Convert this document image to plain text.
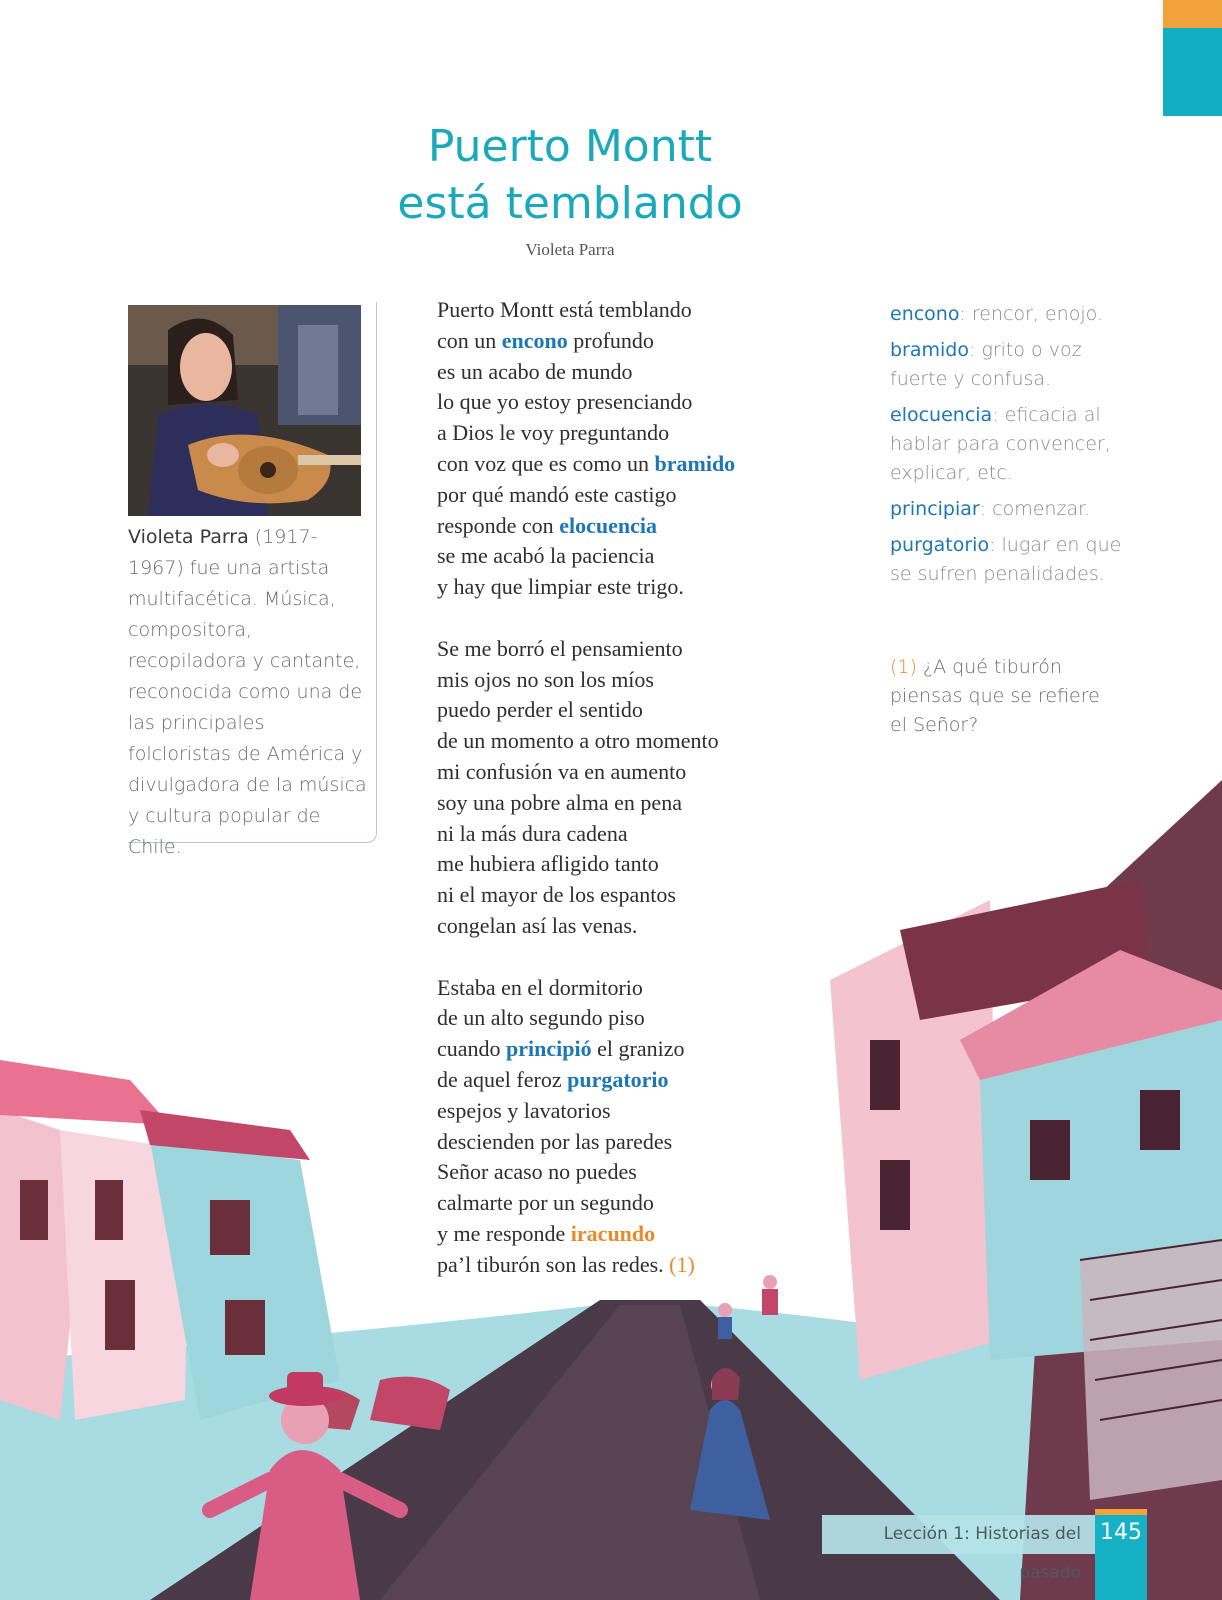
Puerto Montt
está temblando
Violeta Parra
Violeta Parra (1917-1967) fue una artista multifacética. Música, compositora, recopiladora y cantante, reconocida como una de las principales folcloristas de América y divulgadora de la música y cultura popular de Chile.
Puerto Montt está temblando
con un encono profundo
es un acabo de mundo
lo que yo estoy presenciando
a Dios le voy preguntando
con voz que es como un bramido
por qué mandó este castigo
responde con elocuencia
se me acabó la paciencia
y hay que limpiar este trigo.
Se me borró el pensamiento
mis ojos no son los míos
puedo perder el sentido
de un momento a otro momento
mi confusión va en aumento
soy una pobre alma en pena
ni la más dura cadena
me hubiera afligido tanto
ni el mayor de los espantos
congelan así las venas.
Estaba en el dormitorio
de un alto segundo piso
cuando principió el granizo
de aquel feroz purgatorio
espejos y lavatorios
descienden por las paredes
Señor acaso no puedes
calmarte por un segundo
y me responde iracundo
pa’l tiburón son las redes. (1)
encono: rencor, enojo.
bramido: grito o voz fuerte y confusa.
elocuencia: eficacia al hablar para convencer, explicar, etc.
principiar: comenzar.
purgatorio: lugar en que se sufren penalidades.
(1) ¿A qué tiburón piensas que se refiere el Señor?
Lección 1: Historias del pasado
145
